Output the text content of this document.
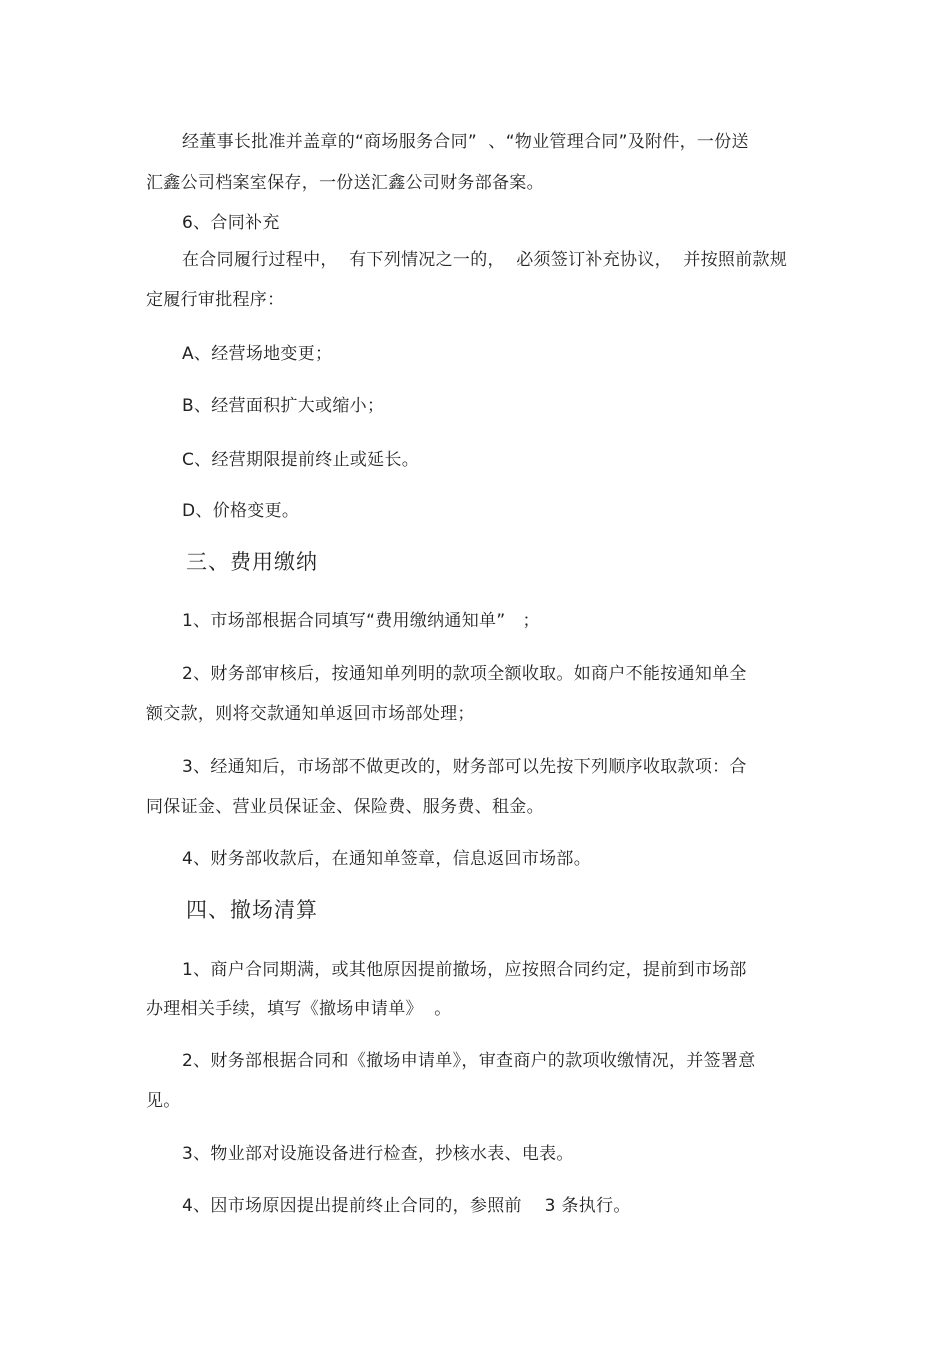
经董事长批准并盖章的“商场服务合同”  、“物业管理合同”及附件，一份送
汇鑫公司档案室保存，一份送汇鑫公司财务部备案。
6、合同补充
在合同履行过程中，  有下列情况之一的，  必须签订补充协议，  并按照前款规
定履行审批程序：
A、经营场地变更；
B、经营面积扩大或缩小；
C、经营期限提前终止或延长。
D、价格变更。
三、费用缴纳
1、市场部根据合同填写“费用缴纳通知单”   ；
2、财务部审核后，按通知单列明的款项全额收取。如商户不能按通知单全
额交款，则将交款通知单返回市场部处理；
3、经通知后，市场部不做更改的，财务部可以先按下列顺序收取款项：合
同保证金、营业员保证金、保险费、服务费、租金。
4、财务部收款后，在通知单签章，信息返回市场部。
四、撤场清算
1、商户合同期满，或其他原因提前撤场，应按照合同约定，提前到市场部
办理相关手续，填写《撤场申请单》  。
2、财务部根据合同和《撤场申请单》，审查商户的款项收缴情况，并签署意
见。
3、物业部对设施设备进行检查，抄核水表、电表。
4、因市场原因提出提前终止合同的，参照前    3 条执行。
